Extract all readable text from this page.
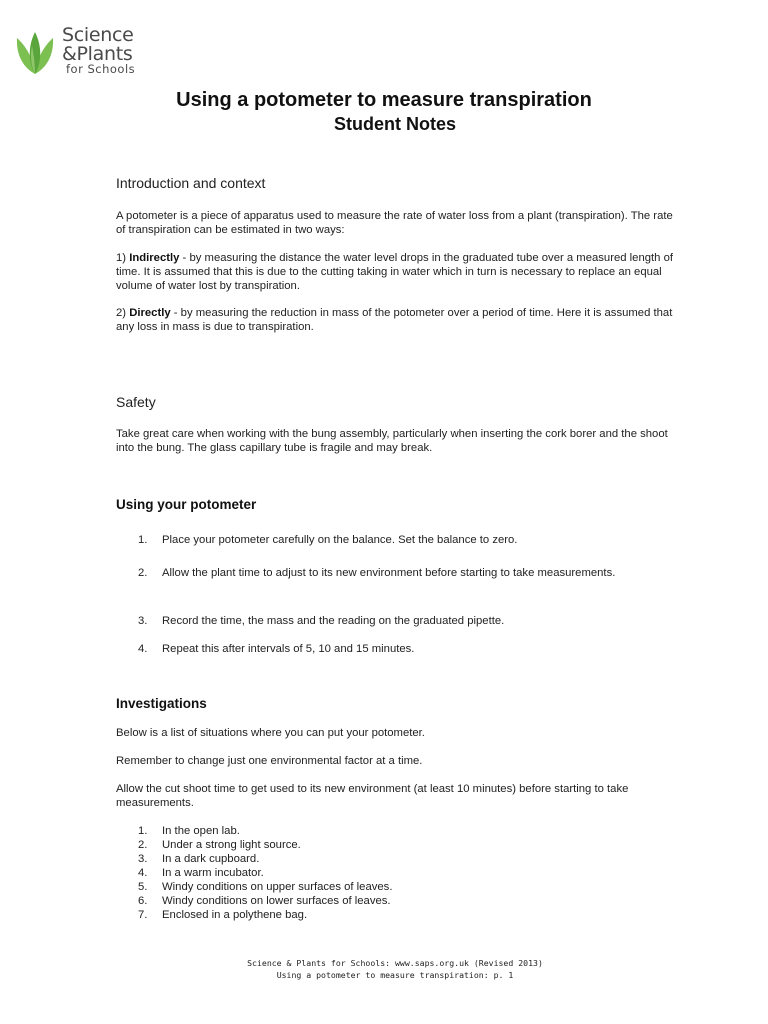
Science
&Plants
for Schools
Using a potometer to measure transpiration
Student Notes
Introduction and context
A potometer is a piece of apparatus used to measure the rate of water loss from a plant (transpiration). The rate of transpiration can be estimated in two ways:
1) Indirectly - by measuring the distance the water level drops in the graduated tube over a measured length of time. It is assumed that this is due to the cutting taking in water which in turn is necessary to replace an equal volume of water lost by transpiration.
2) Directly - by measuring the reduction in mass of the potometer over a period of time. Here it is assumed that any loss in mass is due to transpiration.
Safety
Take great care when working with the bung assembly, particularly when inserting the cork borer and the shoot into the bung. The glass capillary tube is fragile and may break.
Using your potometer
1. Place your potometer carefully on the balance. Set the balance to zero.
2. Allow the plant time to adjust to its new environment before starting to take measurements.
3. Record the time, the mass and the reading on the graduated pipette.
4. Repeat this after intervals of 5, 10 and 15 minutes.
Investigations
Below is a list of situations where you can put your potometer.
Remember to change just one environmental factor at a time.
Allow the cut shoot time to get used to its new environment (at least 10 minutes) before starting to take measurements.
1. In the open lab.
2. Under a strong light source.
3. In a dark cupboard.
4. In a warm incubator.
5. Windy conditions on upper surfaces of leaves.
6. Windy conditions on lower surfaces of leaves.
7. Enclosed in a polythene bag.
Science & Plants for Schools: www.saps.org.uk (Revised 2013)
Using a potometer to measure transpiration: p. 1
